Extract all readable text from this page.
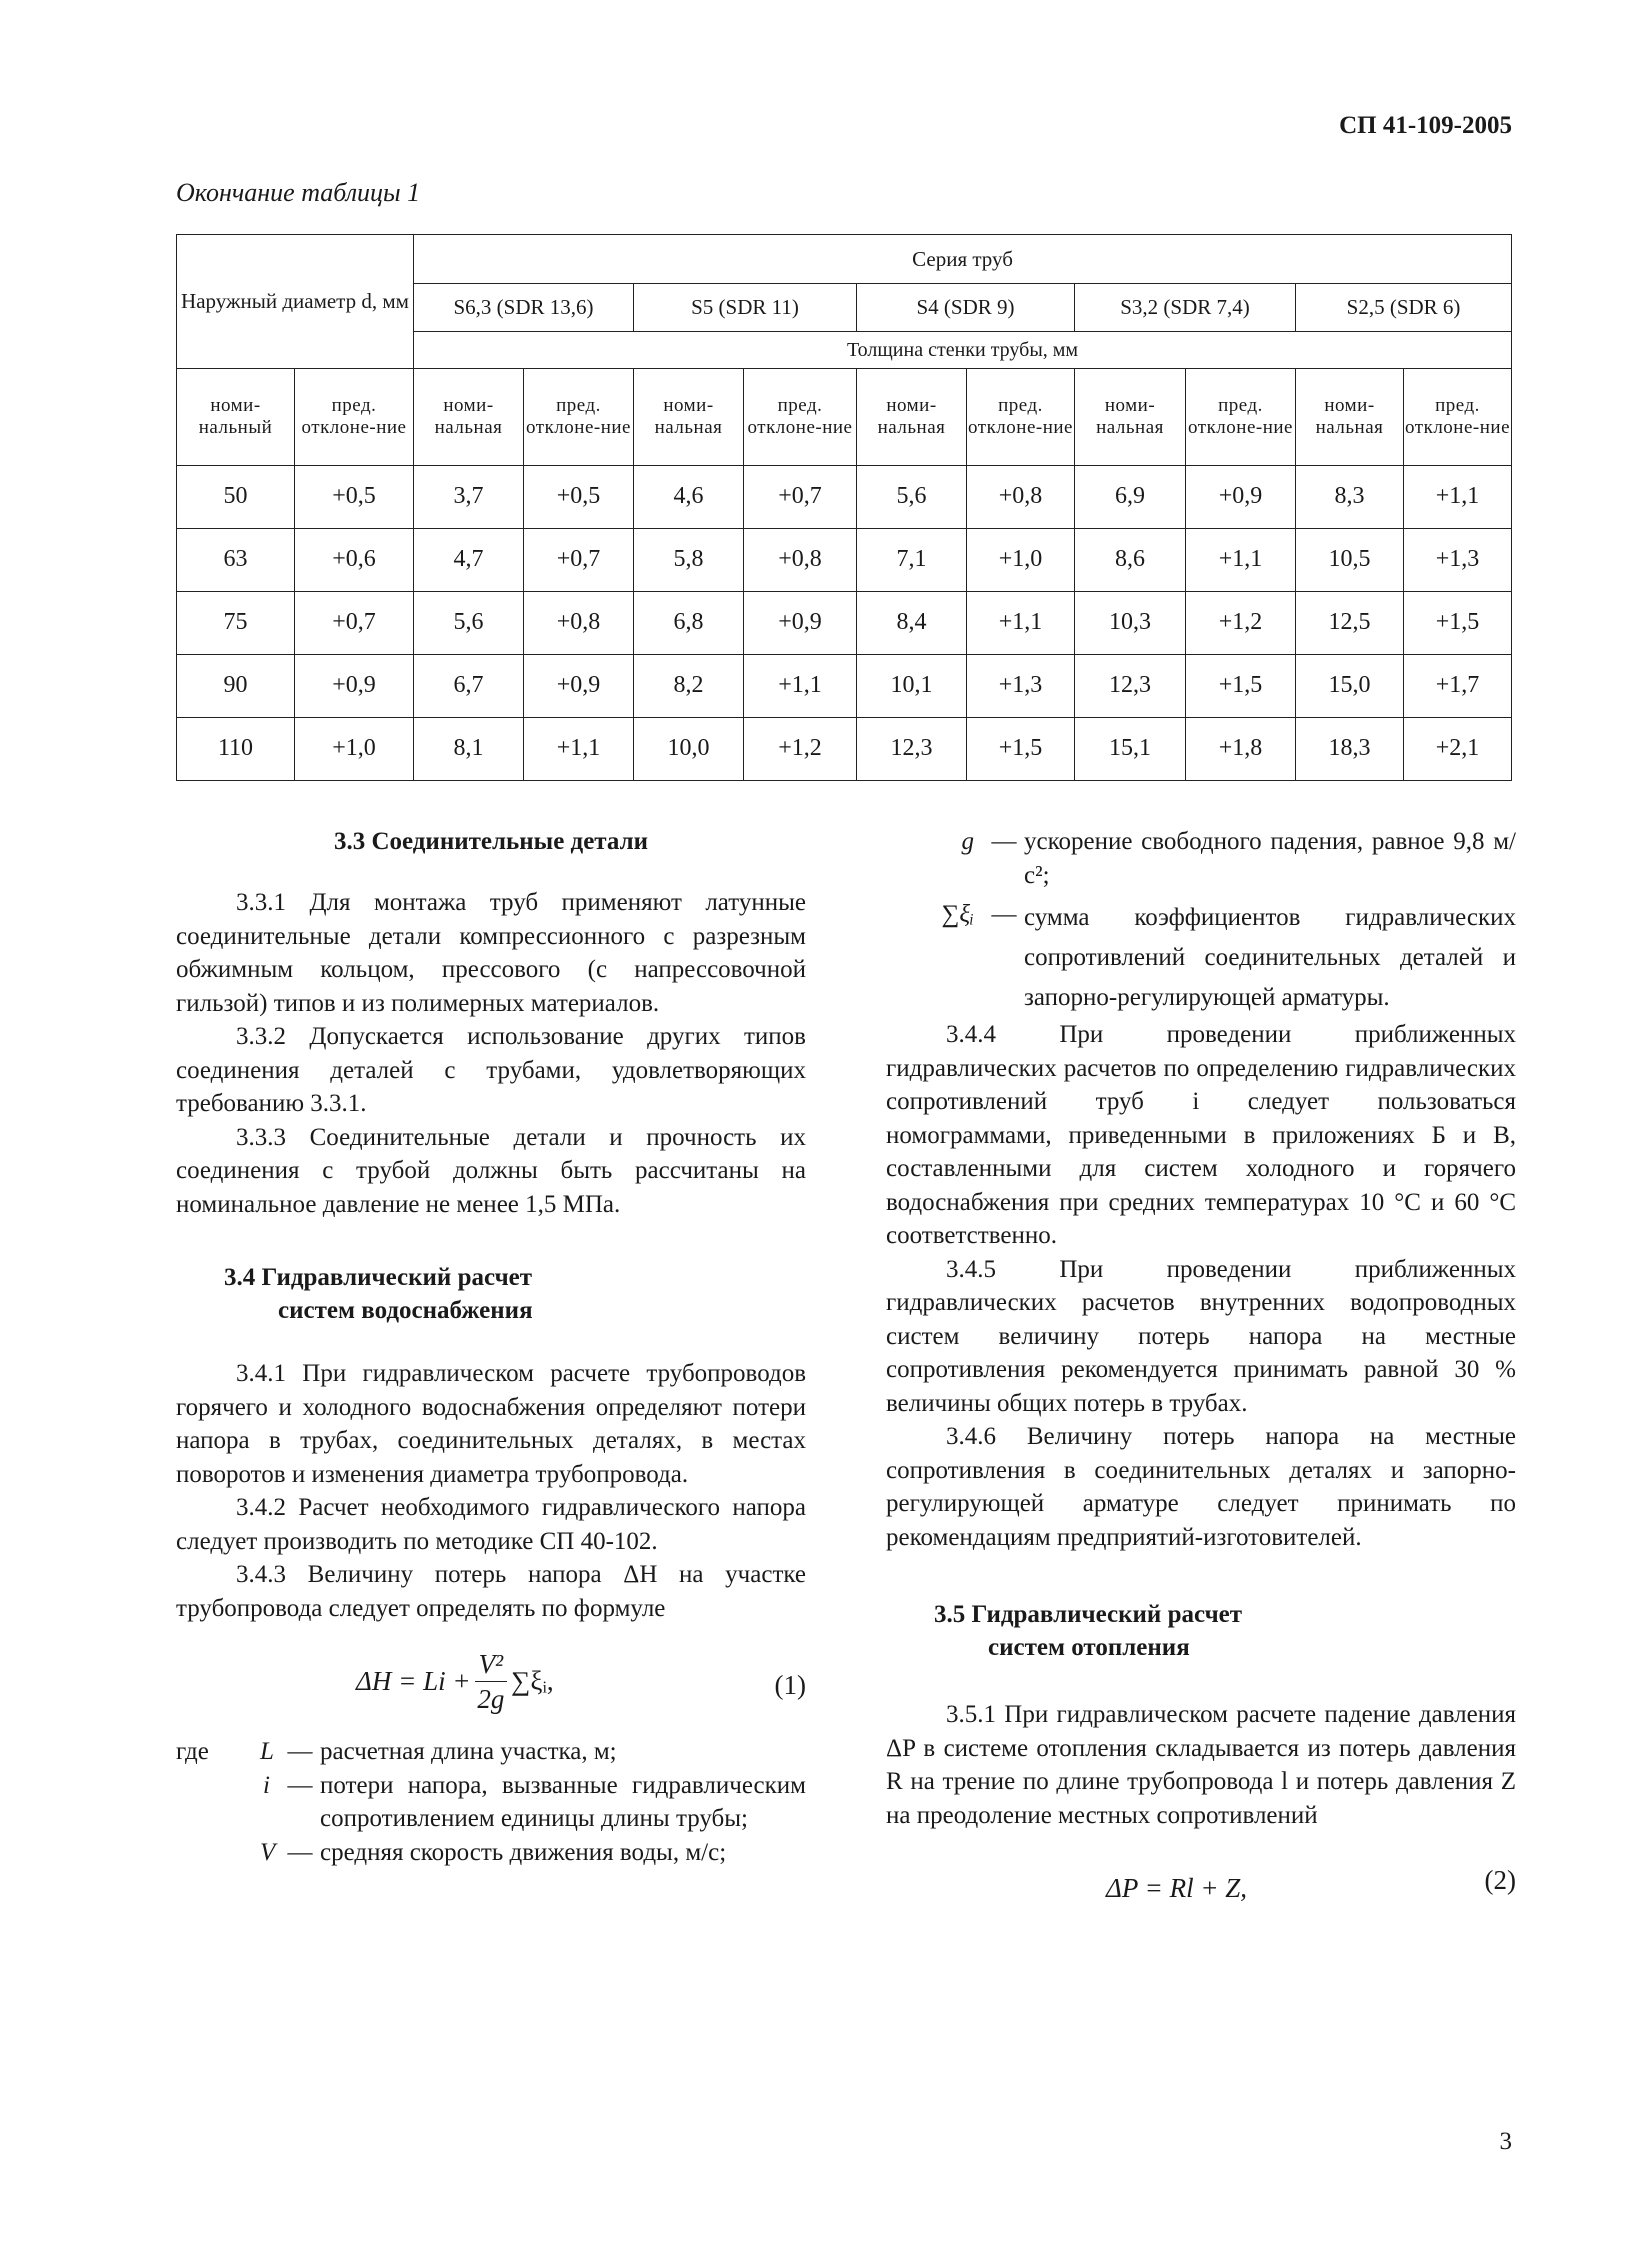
СП 41-109-2005
Окончание таблицы 1
Наружный диаметр d, мм		Серия труб									
		S6,3 (SDR 13,6)		S5 (SDR 11)		S4 (SDR 9)		S3,2 (SDR 7,4)		S2,5 (SDR 6)	
		Толщина стенки трубы, мм									
номи-нальный	пред. отклоне-ние	номи-нальная	пред. отклоне-ние	номи-нальная	пред. отклоне-ние	номи-нальная	пред. отклоне-ние	номи-нальная	пред. отклоне-ние	номи-нальная	пред. отклоне-ние
50	+0,5	3,7	+0,5	4,6	+0,7	5,6	+0,8	6,9	+0,9	8,3	+1,1
63	+0,6	4,7	+0,7	5,8	+0,8	7,1	+1,0	8,6	+1,1	10,5	+1,3
75	+0,7	5,6	+0,8	6,8	+0,9	8,4	+1,1	10,3	+1,2	12,5	+1,5
90	+0,9	6,7	+0,9	8,2	+1,1	10,1	+1,3	12,3	+1,5	15,0	+1,7
110	+1,0	8,1	+1,1	10,0	+1,2	12,3	+1,5	15,1	+1,8	18,3	+2,1
3.3 Соединительные детали

3.3.1 Для монтажа труб применяют латунные соединительные детали компрессионного с разрезным обжимным кольцом, прессового (с напрессовочной гильзой) типов и из полимерных материалов.

3.3.2 Допускается использование других типов соединения деталей с трубами, удовлетворяющих требованию 3.3.1.

3.3.3 Соединительные детали и прочность их соединения с трубой должны быть рассчитаны на номинальное давление не менее 1,5 МПа.

3.4 Гидравлический расчет
систем водоснабжения

3.4.1 При гидравлическом расчете трубопроводов горячего и холодного водоснабжения определяют потери напора в трубах, соединительных деталях, в местах поворотов и изменения диаметра трубопровода.

3.4.2 Расчет необходимого гидравлического напора следует производить по методике СП 40-102.

3.4.3 Величину потерь напора ΔH на участке трубопровода следует определять по формуле

$\Delta H = Li + \frac{\text{V²}}{2g}$ ∑ξᵢ,	(1)
где	L — расчетная длина участка, м;
i — потери напора, вызванные гидравлическим сопротивлением единицы длины трубы;
V — средняя скорость движения воды, м/с;
g — ускорение свободного падения, равное 9,8 м/с²;
∑ξᵢ — сумма коэффициентов гидравлических сопротивлений соединительных деталей и запорно-регулирующей арматуры.

3.4.4 При проведении приближенных гидравлических расчетов по определению гидравлических сопротивлений труб i следует пользоваться номограммами, приведенными в приложениях Б и В, составленными для систем холодного и горячего водоснабжения при средних температурах 10 °С и 60 °С соответственно.

3.4.5 При проведении приближенных гидравлических расчетов внутренних водопроводных систем величину потерь напора на местные сопротивления рекомендуется принимать равной 30 % величины общих потерь в трубах.

3.4.6 Величину потерь напора на местные сопротивления в соединительных деталях и запорно-регулирующей арматуре следует принимать по рекомендациям предприятий-изготовителей.

3.5 Гидравлический расчет
систем отопления

3.5.1 При гидравлическом расчете падение давления ΔP в системе отопления складывается из потерь давления R на трение по длине трубопровода l и потерь давления Z на преодоление местных сопротивлений

ΔP = Rl + Z,	(2)
3
